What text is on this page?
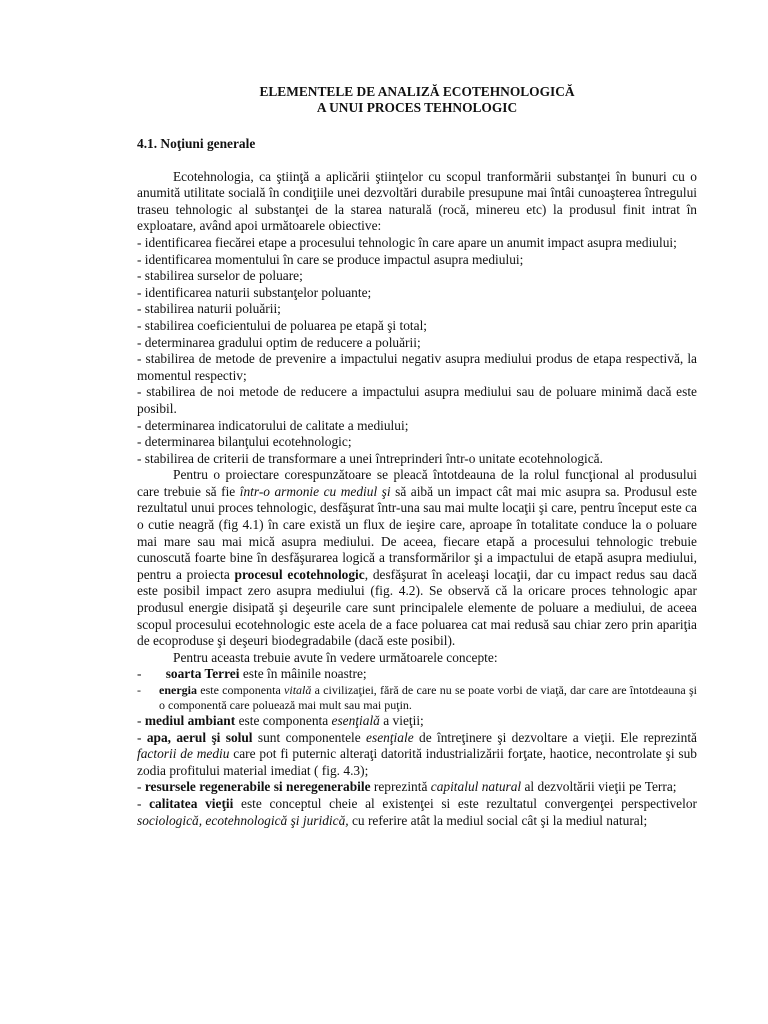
ELEMENTELE DE ANALIZĂ ECOTEHNOLOGICĂ

A UNUI PROCES TEHNOLOGIC

4.1. Noţiuni generale

Ecotehnologia, ca ştiinţă a aplicării ştiinţelor cu scopul tranformării substanţei în bunuri cu o anumită utilitate socială în condiţiile unei dezvoltări durabile presupune mai întâi cunoaşterea întregului traseu tehnologic al substanţei de la starea naturală (rocă, minereu etc) la produsul finit intrat în exploatare, având apoi următoarele obiective:

- identificarea fiecărei etape a procesului tehnologic în care apare un anumit impact asupra mediului;

- identificarea momentului în care se produce impactul asupra mediului;

- stabilirea surselor de poluare;

- identificarea naturii substanţelor poluante;

- stabilirea naturii poluării;

- stabilirea coeficientului de poluarea pe etapă şi total;

- determinarea gradului optim de reducere a poluării;

- stabilirea de metode de prevenire a impactului negativ asupra mediului produs de etapa respectivă, la momentul respectiv;

- stabilirea de noi metode de reducere a impactului asupra mediului sau de poluare minimă dacă este posibil.

- determinarea indicatorului de calitate a mediului;

- determinarea bilanţului ecotehnologic;

- stabilirea de criterii de transformare a unei întreprinderi într-o unitate ecotehnologică.

Pentru o proiectare corespunzătoare se pleacă întotdeauna de la rolul funcţional al produsului care trebuie să fie într-o armonie cu mediul şi să aibă un impact cât mai mic asupra sa. Produsul este rezultatul unui proces tehnologic, desfăşurat într-una sau mai multe locaţii şi care, pentru început este ca o cutie neagră (fig 4.1) în care există un flux de ieşire care, aproape în totalitate conduce la o poluare mai mare sau mai mică asupra mediului. De aceea, fiecare etapă a procesului tehnologic trebuie cunoscută foarte bine în desfăşurarea logică a transformărilor şi a impactului de etapă asupra mediului, pentru a proiecta procesul ecotehnologic, desfăşurat în aceleaşi locaţii, dar cu impact redus sau dacă este posibil impact zero asupra mediului (fig. 4.2). Se observă că la oricare proces tehnologic apar produsul energie disipată şi deşeurile care sunt principalele elemente de poluare a mediului, de aceea scopul procesului ecotehnologic este acela de a face poluarea cat mai redusă sau chiar zero prin apariţia de ecoproduse şi deşeuri biodegradabile (dacă este posibil).

Pentru aceasta trebuie avute în vedere următoarele concepte:

-	soarta Terrei este în mâinile noastre;
-	energia este componenta vitală a civilizaţiei, fără de care nu se poate vorbi de viaţă, dar care are întotdeauna şi o componentă care poluează mai mult sau mai puţin.

- mediul ambiant este componenta esenţială a vieţii;

- apa, aerul şi solul sunt componentele esenţiale de întreţinere şi dezvoltare a vieţii. Ele reprezintă factorii de mediu care pot fi puternic alteraţi datorită industrializării forţate, haotice, necontrolate şi sub zodia profitului material imediat ( fig. 4.3);

- resursele regenerabile si neregenerabile reprezintă capitalul natural al dezvoltării vieţii pe Terra;

- calitatea vieţii este conceptul cheie al existenţei si este rezultatul convergenţei perspectivelor sociologică, ecotehnologică şi juridică, cu referire atât la mediul social cât şi la mediul natural;
